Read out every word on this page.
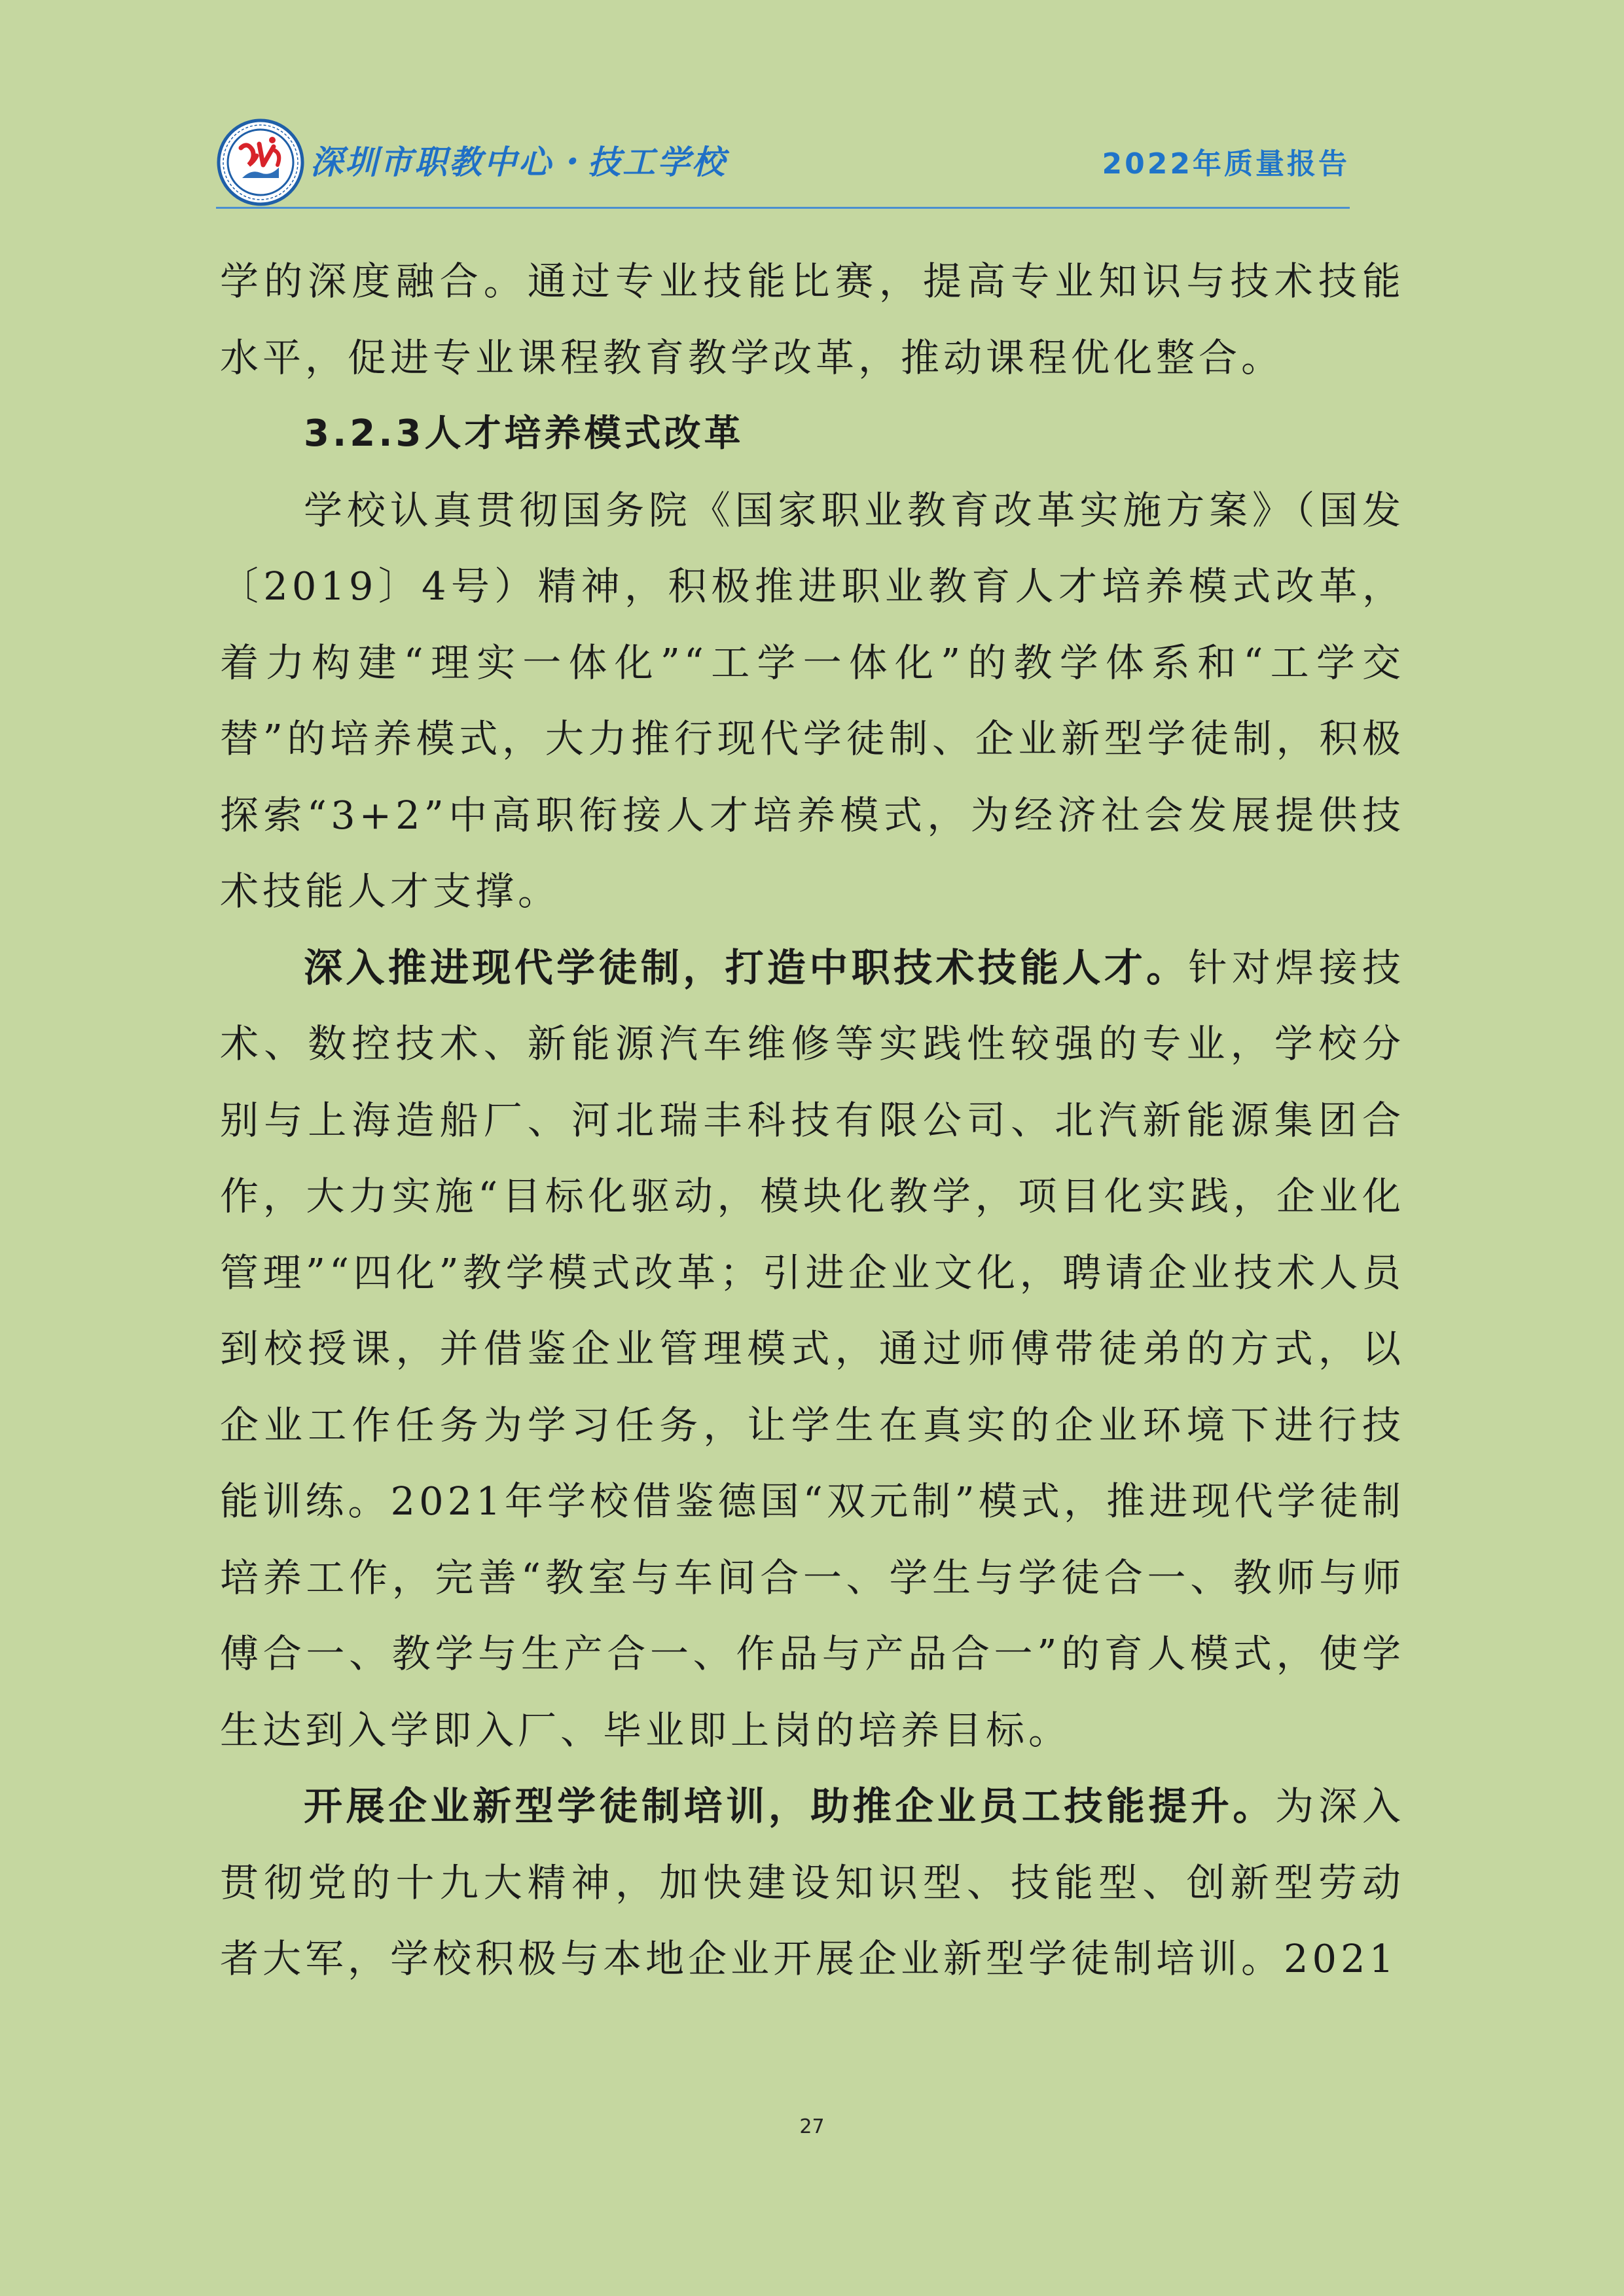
深圳市职教中心・技工学校	2022年质量报告

学的深度融合。通过专业技能比赛，提高专业知识与技术技能水平，促进专业课程教育教学改革，推动课程优化整合。

3.2.3人才培养模式改革

学校认真贯彻国务院《国家职业教育改革实施方案》（国发〔2019〕4号）精神，积极推进职业教育人才培养模式改革，着力构建“理实一体化”“工学一体化”的教学体系和“工学交替”的培养模式，大力推行现代学徒制、企业新型学徒制，积极探索“3+2”中高职衔接人才培养模式，为经济社会发展提供技术技能人才支撑。

深入推进现代学徒制，打造中职技术技能人才。针对焊接技术、数控技术、新能源汽车维修等实践性较强的专业，学校分别与上海造船厂、河北瑞丰科技有限公司、北汽新能源集团合作，大力实施“目标化驱动，模块化教学，项目化实践，企业化管理”“四化”教学模式改革；引进企业文化，聘请企业技术人员到校授课，并借鉴企业管理模式，通过师傅带徒弟的方式，以企业工作任务为学习任务，让学生在真实的企业环境下进行技能训练。2021年学校借鉴德国“双元制”模式，推进现代学徒制培养工作，完善“教室与车间合一、学生与学徒合一、教师与师傅合一、教学与生产合一、作品与产品合一”的育人模式，使学生达到入学即入厂、毕业即上岗的培养目标。

开展企业新型学徒制培训，助推企业员工技能提升。为深入贯彻党的十九大精神，加快建设知识型、技能型、创新型劳动者大军，学校积极与本地企业开展企业新型学徒制培训。2021

27
